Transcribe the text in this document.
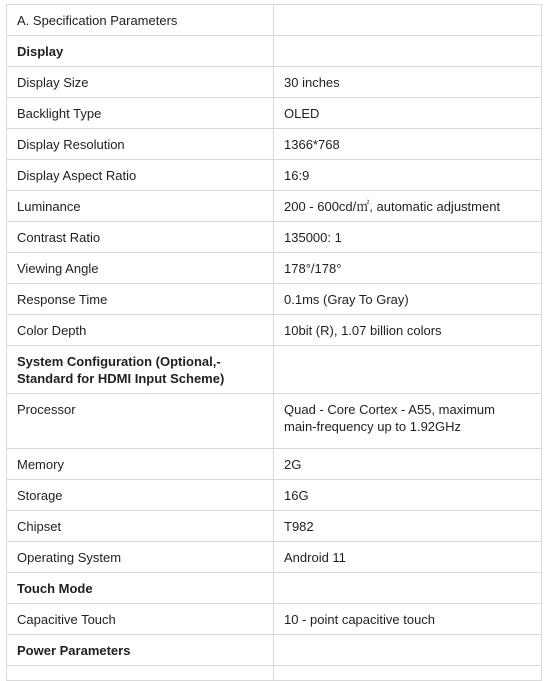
A. Specification Parameters	
Display	
Display Size	30 inches
Backlight Type	OLED
Display Resolution	1366*768
Display Aspect Ratio	16:9
Luminance	200 - 600cd/㎡, automatic adjustment
Contrast Ratio	135000: 1
Viewing Angle	178°/178°
Response Time	0.1ms (Gray To Gray)
Color Depth	10bit (R), 1.07 billion colors
System Configuration (Optional,-Standard for HDMI Input Scheme)	
Processor	Quad - Core Cortex - A55, maximum main-frequency up to 1.92GHz
Memory	2G
Storage	16G
Chipset	T982
Operating System	Android 11
Touch Mode	
Capacitive Touch	10 - point capacitive touch
Power Parameters	
